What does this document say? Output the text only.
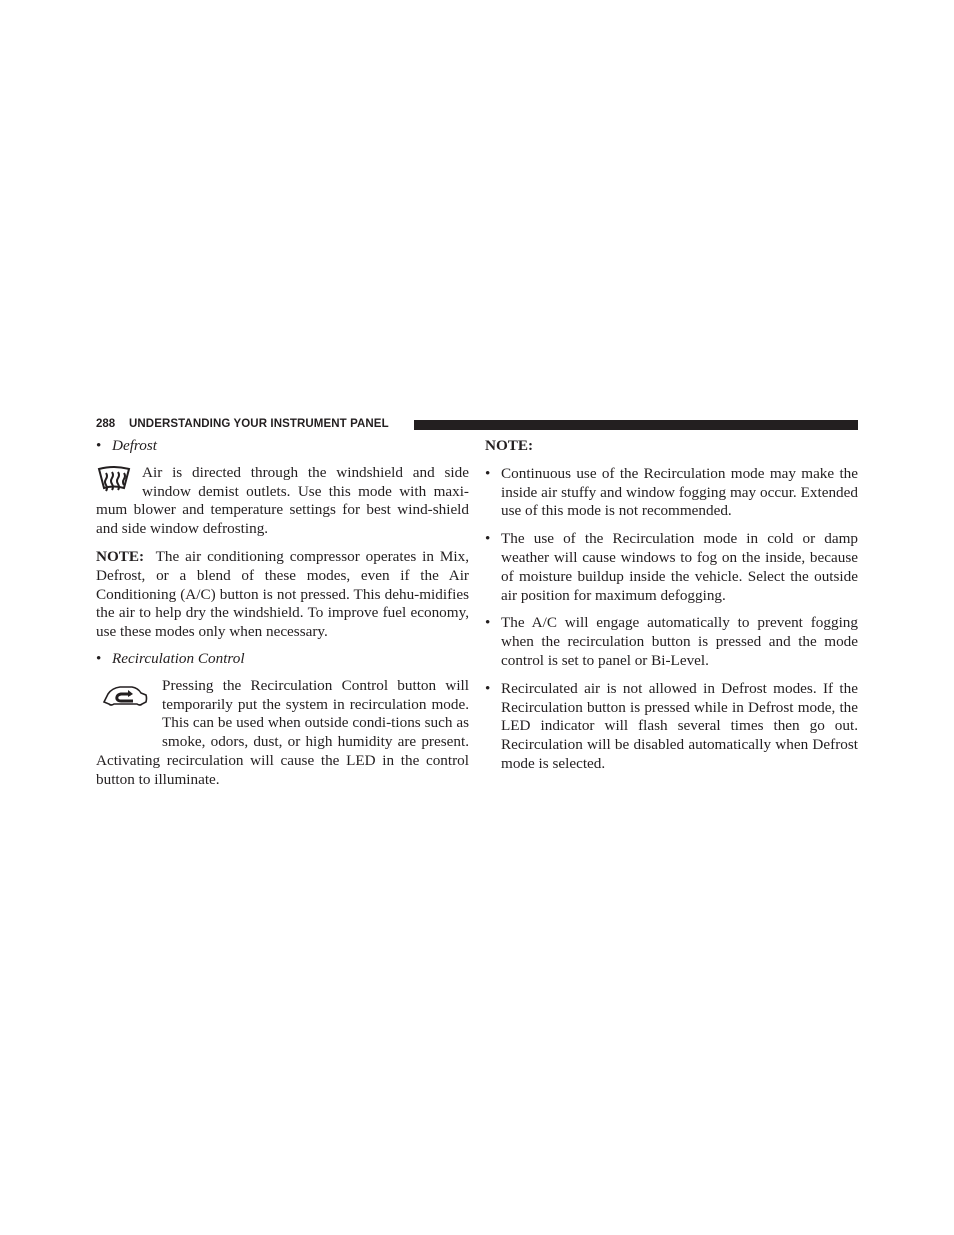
288 UNDERSTANDING YOUR INSTRUMENT PANEL
• Defrost

Air is directed through the windshield and side window demist outlets. Use this mode with maxi-mum blower and temperature settings for best wind-shield and side window defrosting.

NOTE: The air conditioning compressor operates in Mix, Defrost, or a blend of these modes, even if the Air Conditioning (A/C) button is not pressed. This dehu-midifies the air to help dry the windshield. To improve fuel economy, use these modes only when necessary.

• Recirculation Control

Pressing the Recirculation Control button will temporarily put the system in recirculation mode. This can be used when outside condi-tions such as smoke, odors, dust, or high humidity are present. Activating recirculation will cause the LED in the control button to illuminate.

NOTE:

• Continuous use of the Recirculation mode may make the inside air stuffy and window fogging may occur. Extended use of this mode is not recommended.

• The use of the Recirculation mode in cold or damp weather will cause windows to fog on the inside, because of moisture buildup inside the vehicle. Select the outside air position for maximum defogging.

• The A/C will engage automatically to prevent fogging when the recirculation button is pressed and the mode control is set to panel or Bi-Level.

• Recirculated air is not allowed in Defrost modes. If the Recirculation button is pressed while in Defrost mode, the LED indicator will flash several times then go out. Recirculation will be disabled automatically when Defrost mode is selected.
